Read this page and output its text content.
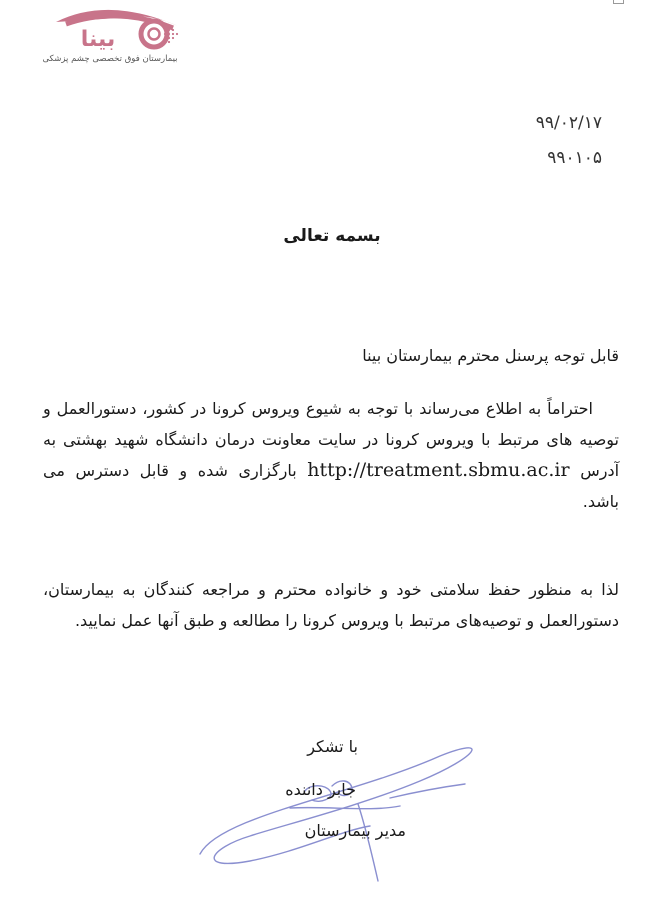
بینا
بیمارستان فوق تخصصی چشم پزشکی
۹۹/۰۲/۱۷
۹۹۰۱۰۵
بسمه تعالی
قابل توجه پرسنل محترم بیمارستان بینا
احتراماً به اطلاع می‌رساند با توجه به شیوع ویروس کرونا در کشور، دستورالعمل و توصیه های مرتبط با ویروس کرونا در سایت معاونت درمان دانشگاه شهید بهشتی به آدرس http://treatment.sbmu.ac.ir بارگزاری شده و قابل دسترس می باشد.
لذا به منظور حفظ سلامتی خود و خانواده محترم و مراجعه کنندگان به بیمارستان، دستورالعمل و توصیه‌های مرتبط با ویروس کرونا را مطالعه و طبق آنها عمل نمایید.
با تشکر
جابر داننده
مدیر بیمارستان
